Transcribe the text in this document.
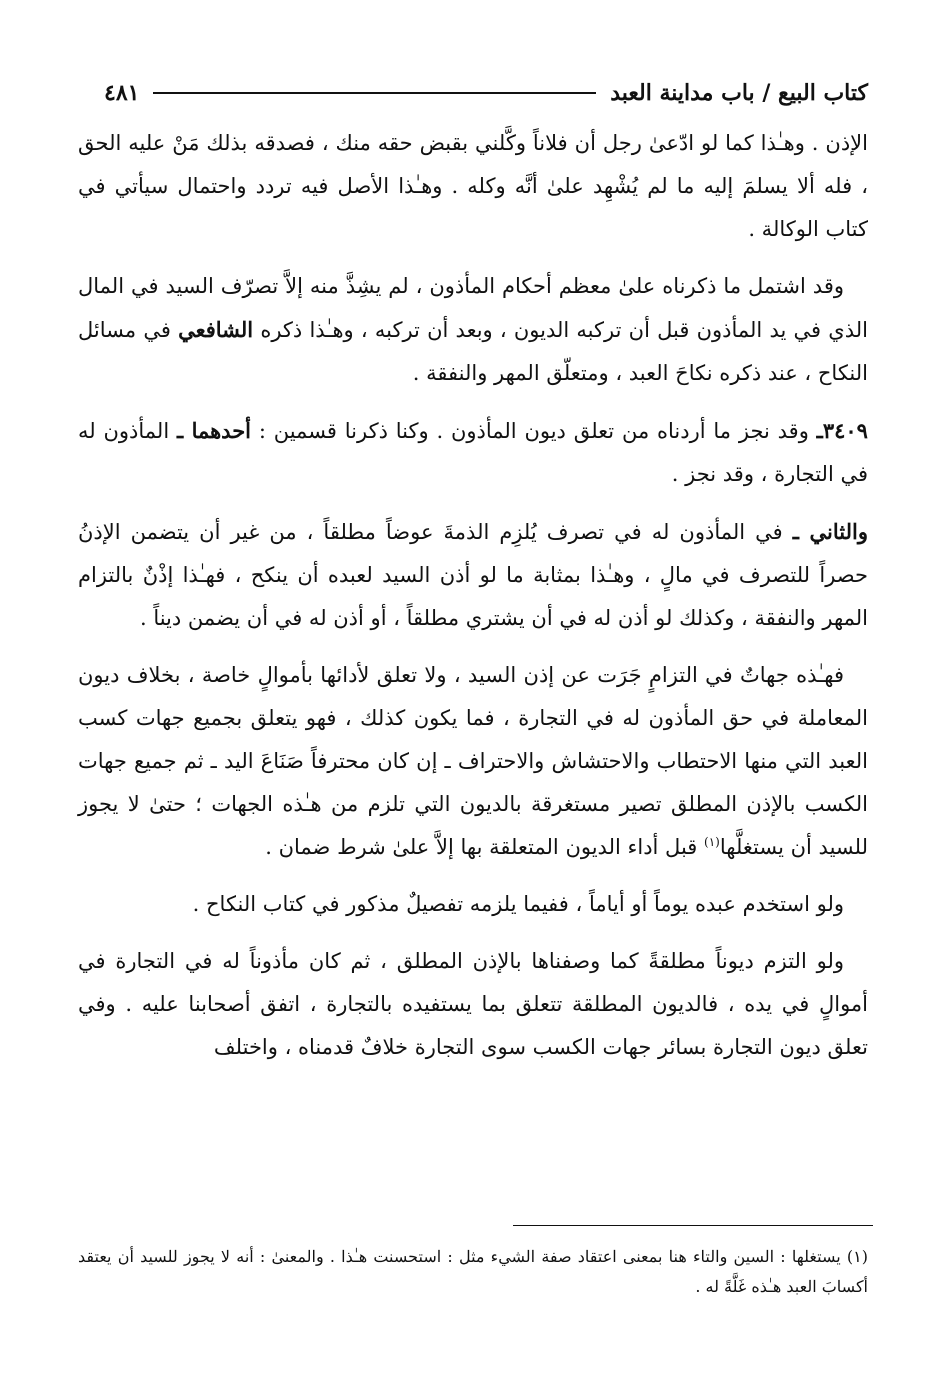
كتاب البيع / باب مداينة العبد
٤٨١

الإذن . وهـٰذا كما لو ادّعىٰ رجل أن فلاناً وكَّلني بقبض حقه منك ، فصدقه بذلك مَنْ عليه الحق ، فله ألا يسلمَ إليه ما لم يُشْهِد علىٰ أنَّه وكله . وهـٰذا الأصل فيه تردد واحتمال سيأتي في كتاب الوكالة .

وقد اشتمل ما ذكرناه علىٰ معظم أحكام المأذون ، لم يشِذَّ منه إلاَّ تصرّف السيد في المال الذي في يد المأذون قبل أن تركبه الديون ، وبعد أن تركبه ، وهـٰذا ذكره الشافعي في مسائل النكاح ، عند ذكره نكاحَ العبد ، ومتعلّق المهر والنفقة .

٣٤٠٩ـ وقد نجز ما أردناه من تعلق ديون المأذون . وكنا ذكرنا قسمين : أحدهما ـ المأذون له في التجارة ، وقد نجز .

والثاني ـ في المأذون له في تصرف يُلزِم الذمةَ عوضاً مطلقاً ، من غير أن يتضمن الإذنُ حصراً للتصرف في مالٍ ، وهـٰذا بمثابة ما لو أذن السيد لعبده أن ينكح ، فهـٰذا إذْنٌ بالتزام المهر والنفقة ، وكذلك لو أذن له في أن يشتري مطلقاً ، أو أذن له في أن يضمن ديناً .

فهـٰذه جهاتٌ في التزامٍ جَرَت عن إذن السيد ، ولا تعلق لأدائها بأموالٍ خاصة ، بخلاف ديون المعاملة في حق المأذون له في التجارة ، فما يكون كذلك ، فهو يتعلق بجميع جهات كسب العبد التي منها الاحتطاب والاحتشاش والاحتراف ـ إن كان محترفاً صَنَاعَ اليد ـ ثم جميع جهات الكسب بالإذن المطلق تصير مستغرقة بالديون التي تلزم من هـٰذه الجهات ؛ حتىٰ لا يجوز للسيد أن يستغلَّها$^{(١)}$ قبل أداء الديون المتعلقة بها إلاَّ علىٰ شرط ضمان .

ولو استخدم عبده يوماً أو أياماً ، ففيما يلزمه تفصيلٌ مذكور في كتاب النكاح .

ولو التزم ديوناً مطلقةً كما وصفناها بالإذن المطلق ، ثم كان مأذوناً له في التجارة في أموالٍ في يده ، فالديون المطلقة تتعلق بما يستفيده بالتجارة ، اتفق أصحابنا عليه . وفي تعلق ديون التجارة بسائر جهات الكسب سوى التجارة خلافٌ قدمناه ، واختلف

(١) يستغلها : السين والتاء هنا بمعنى اعتقاد صفة الشيء مثل : استحسنت هـٰذا . والمعنىٰ : أنه لا يجوز للسيد أن يعتقد أكسابَ العبد هـٰذه غَلَّةً له .
